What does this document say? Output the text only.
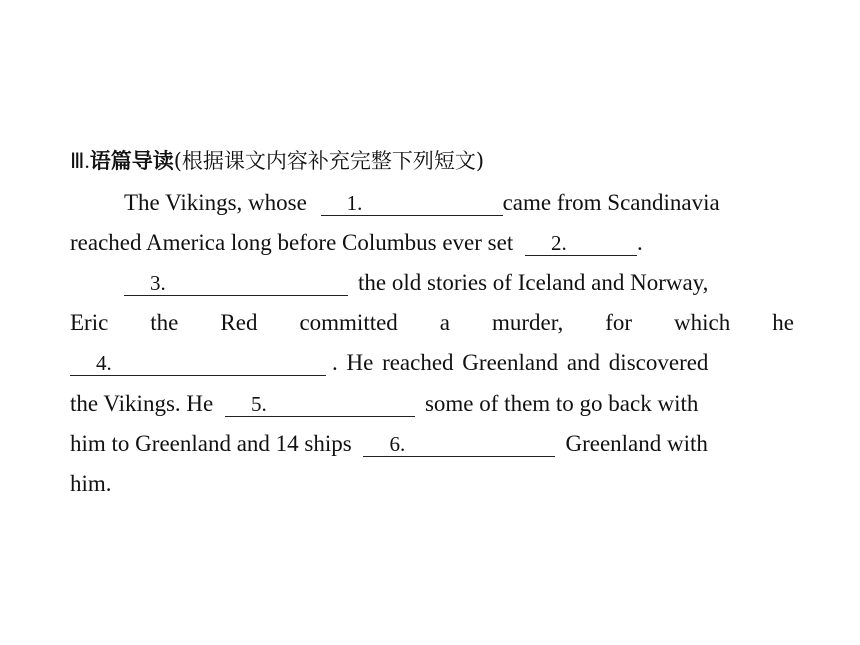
Ⅲ.语篇导读(根据课文内容补充完整下列短文)
The Vikings, whose 1.	came from Scandinavia
reached America long before Columbus ever set 2.	.
3.	the old stories of Iceland and Norway,
Eric the Red committed a murder, for which he
4.	. He reached Greenland and discovered
the Vikings. He 5.	some of them to go back with
him to Greenland and 14 ships 6.	Greenland with
him.
